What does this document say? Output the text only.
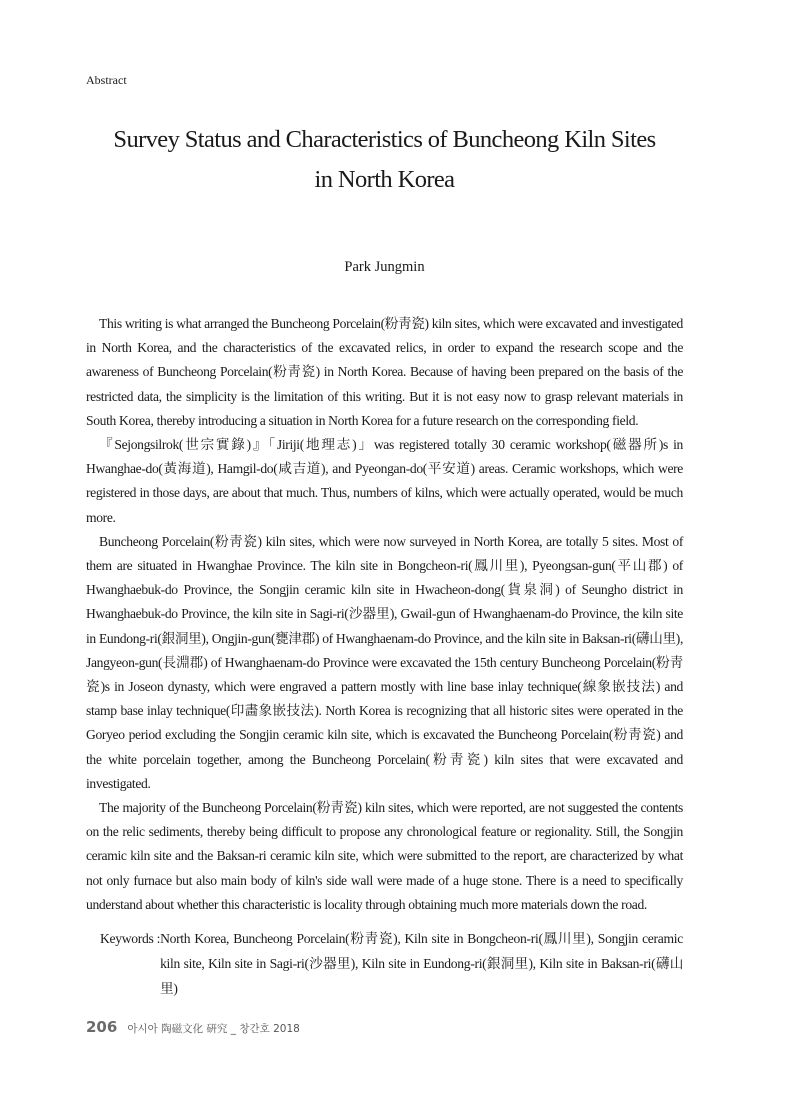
Abstract
Survey Status and Characteristics of Buncheong Kiln Sites
in North Korea
Park Jungmin

This writing is what arranged the Buncheong Porcelain(粉靑瓷) kiln sites, which were excavated and investigated in North Korea, and the characteristics of the excavated relics, in order to expand the research scope and the awareness of Buncheong Porcelain(粉靑瓷) in North Korea. Because of having been prepared on the basis of the restricted data, the simplicity is the limitation of this writing. But it is not easy now to grasp relevant materials in South Korea, thereby introducing a situation in North Korea for a future research on the corresponding field.

『Sejongsilrok(世宗實錄)』「Jiriji(地理志)」was registered totally 30 ceramic workshop(磁器所)s in Hwanghae-do(黃海道), Hamgil-do(咸吉道), and Pyeongan-do(平安道) areas. Ceramic workshops, which were registered in those days, are about that much. Thus, numbers of kilns, which were actually operated, would be much more.

Buncheong Porcelain(粉靑瓷) kiln sites, which were now surveyed in North Korea, are totally 5 sites. Most of them are situated in Hwanghae Province. The kiln site in Bongcheon-ri(鳳川里), Pyeongsan-gun(平山郡) of Hwanghaebuk-do Province, the Songjin ceramic kiln site in Hwacheon-dong(貨泉洞) of Seungho district in Hwanghaebuk-do Province, the kiln site in Sagi-ri(沙器里), Gwail-gun of Hwanghaenam-do Province, the kiln site in Eundong-ri(銀洞里), Ongjin-gun(甕津郡) of Hwanghaenam-do Province, and the kiln site in Baksan-ri(礴山里), Jangyeon-gun(長淵郡) of Hwanghaenam-do Province were excavated the 15th century Buncheong Porcelain(粉靑瓷)s in Joseon dynasty, which were engraved a pattern mostly with line base inlay technique(線象嵌技法) and stamp base inlay technique(印畵象嵌技法). North Korea is recognizing that all historic sites were operated in the Goryeo period excluding the Songjin ceramic kiln site, which is excavated the Buncheong Porcelain(粉靑瓷) and the white porcelain together, among the Buncheong Porcelain(粉靑瓷) kiln sites that were excavated and investigated.

The majority of the Buncheong Porcelain(粉靑瓷) kiln sites, which were reported, are not suggested the contents on the relic sediments, thereby being difficult to propose any chronological feature or regionality. Still, the Songjin ceramic kiln site and the Baksan-ri ceramic kiln site, which were submitted to the report, are characterized by what not only furnace but also main body of kiln's side wall were made of a huge stone. There is a need to specifically understand about whether this characteristic is locality through obtaining much more materials down the road.

Keywords : North Korea, Buncheong Porcelain(粉靑瓷), Kiln site in Bongcheon-ri(鳳川里), Songjin ceramic kiln site, Kiln site in Sagi-ri(沙器里), Kiln site in Eundong-ri(銀洞里), Kiln site in Baksan-ri(礴山里)
206 아시아 陶磁文化 硏究 _ 창간호 2018
